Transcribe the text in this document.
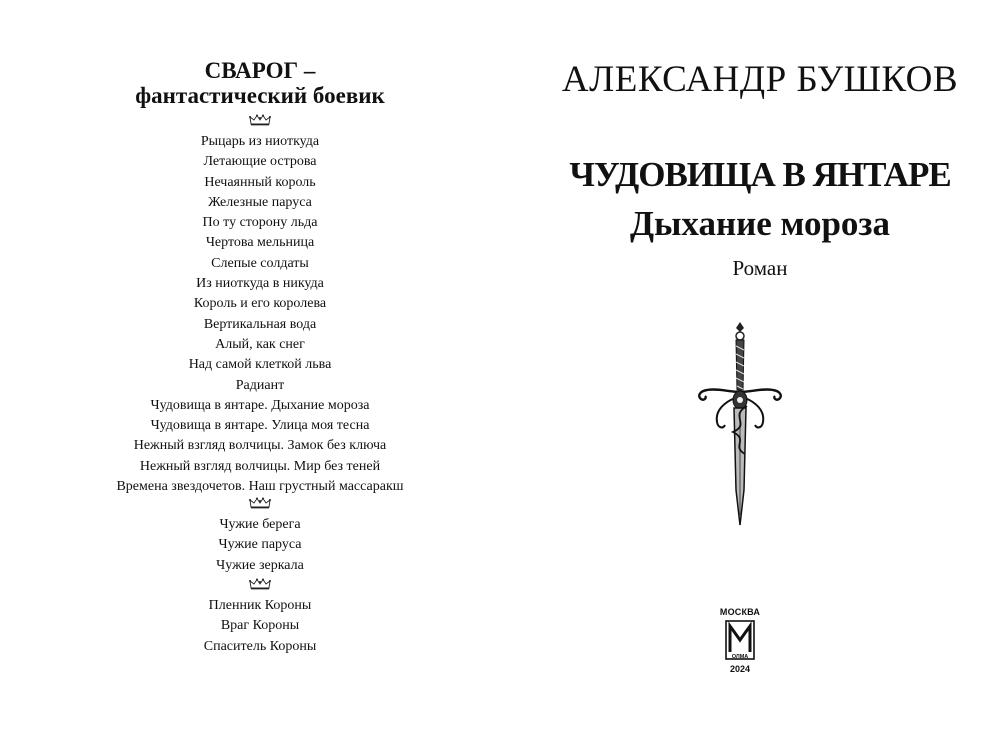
СВАРОГ –
фантастический боевик
Рыцарь из ниоткуда
Летающие острова
Нечаянный король
Железные паруса
По ту сторону льда
Чертова мельница
Слепые солдаты
Из ниоткуда в никуда
Король и его королева
Вертикальная вода
Алый, как снег
Над самой клеткой льва
Радиант
Чудовища в янтаре. Дыхание мороза
Чудовища в янтаре. Улица моя тесна
Нежный взгляд волчицы. Замок без ключа
Нежный взгляд волчицы. Мир без теней
Времена звездочетов. Наш грустный массаракш
Чужие берега
Чужие паруса
Чужие зеркала
Пленник Короны
Враг Короны
Спаситель Короны
АЛЕКСАНДР БУШКОВ
ЧУДОВИЩА В ЯНТАРЕ
Дыхание мороза
Роман
МОСКВА
ОЛМА
2024
